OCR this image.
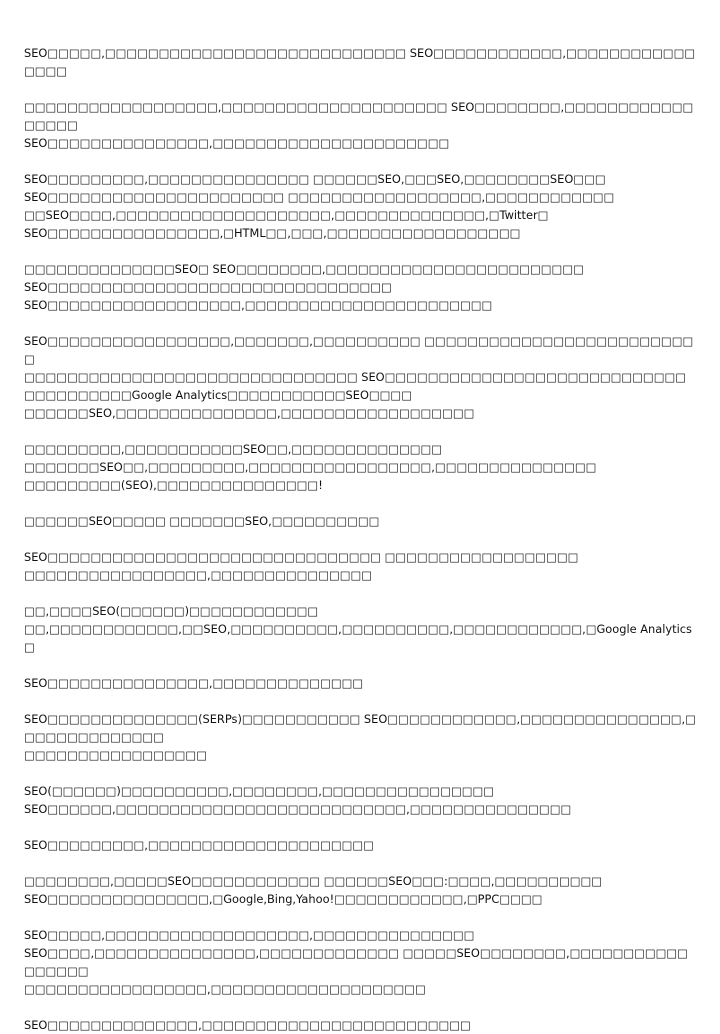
SEO□□□□□,□□□□□□□□□□□□□□□□□□□□□□□□□□□□ SEO□□□□□□□□□□□□,□□□□□□□□□□□□□□□□

□□□□□□□□□□□□□□□□□□,□□□□□□□□□□□□□□□□□□□□□ SEO□□□□□□□□,□□□□□□□□□□□□□□□□□
SEO□□□□□□□□□□□□□□□,□□□□□□□□□□□□□□□□□□□□□□

SEO□□□□□□□□□,□□□□□□□□□□□□□□□ □□□□□□SEO,□□□SEO,□□□□□□□□SEO□□□
SEO□□□□□□□□□□□□□□□□□□□□□□ □□□□□□□□□□□□□□□□□□,□□□□□□□□□□□□
□□SEO□□□□,□□□□□□□□□□□□□□□□□□□□,□□□□□□□□□□□□□□,□Twitter□
SEO□□□□□□□□□□□□□□□□,□HTML□□,□□□,□□□□□□□□□□□□□□□□□□

□□□□□□□□□□□□□□SEO□ SEO□□□□□□□□,□□□□□□□□□□□□□□□□□□□□□□□□
SEO□□□□□□□□□□□□□□□□□□□□□□□□□□□□□□□□
SEO□□□□□□□□□□□□□□□□□□,□□□□□□□□□□□□□□□□□□□□□□□

SEO□□□□□□□□□□□□□□□□□,□□□□□□□,□□□□□□□□□□ □□□□□□□□□□□□□□□□□□□□□□□□□□
□□□□□□□□□□□□□□□□□□□□□□□□□□□□□□□ SEO□□□□□□□□□□□□□□□□□□□□□□□□□□□□
□□□□□□□□□□Google Analytics□□□□□□□□□□□SEO□□□□
□□□□□□SEO,□□□□□□□□□□□□□□□,□□□□□□□□□□□□□□□□□□

□□□□□□□□□,□□□□□□□□□□□SEO□□,□□□□□□□□□□□□□□
□□□□□□□SEO□□,□□□□□□□□□,□□□□□□□□□□□□□□□□□,□□□□□□□□□□□□□□□
□□□□□□□□□(SEO),□□□□□□□□□□□□□□□!

□□□□□□SEO□□□□□ □□□□□□□SEO,□□□□□□□□□□

SEO□□□□□□□□□□□□□□□□□□□□□□□□□□□□□□□ □□□□□□□□□□□□□□□□□□
□□□□□□□□□□□□□□□□□,□□□□□□□□□□□□□□□

□□,□□□□SEO(□□□□□□)□□□□□□□□□□□□
□□,□□□□□□□□□□□□,□□SEO,□□□□□□□□□□,□□□□□□□□□□,□□□□□□□□□□□□,□Google Analytics□

SEO□□□□□□□□□□□□□□□,□□□□□□□□□□□□□□

SEO□□□□□□□□□□□□□□(SERPs)□□□□□□□□□□□ SEO□□□□□□□□□□□□,□□□□□□□□□□□□□□□,□□□□□□□□□□□□□□
□□□□□□□□□□□□□□□□□

SEO(□□□□□□)□□□□□□□□□□,□□□□□□□□,□□□□□□□□□□□□□□□□
SEO□□□□□□,□□□□□□□□□□□□□□□□□□□□□□□□□□□,□□□□□□□□□□□□□□□

SEO□□□□□□□□□,□□□□□□□□□□□□□□□□□□□□□

□□□□□□□□,□□□□□SEO□□□□□□□□□□□□ □□□□□□SEO□□□:□□□□,□□□□□□□□□□
SEO□□□□□□□□□□□□□□□,□Google,Bing,Yahoo!□□□□□□□□□□□□,□PPC□□□□

SEO□□□□□,□□□□□□□□□□□□□□□□□□□,□□□□□□□□□□□□□□□
SEO□□□□,□□□□□□□□□□□□□□□,□□□□□□□□□□□□□ □□□□□SEO□□□□□□□□,□□□□□□□□□□□□□□□□□
□□□□□□□□□□□□□□□□□,□□□□□□□□□□□□□□□□□□□□

SEO□□□□□□□□□□□□□□,□□□□□□□□□□□□□□□□□□□□□□□□□
